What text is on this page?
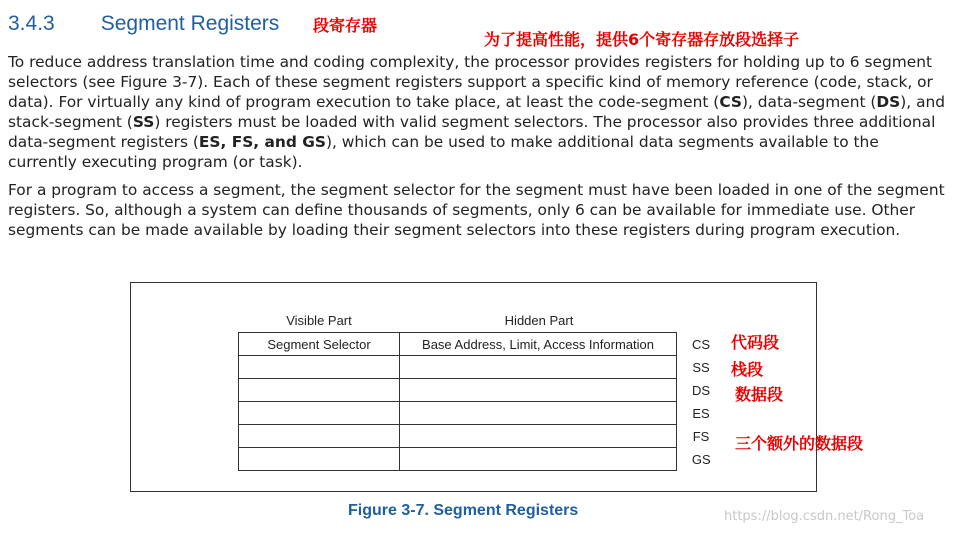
3.4.3 Segment Registers 段寄存器
为了提高性能，提供6个寄存器存放段选择子

To reduce address translation time and coding complexity, the processor provides registers for holding up to 6 segment selectors (see Figure 3-7). Each of these segment registers support a specific kind of memory reference (code, stack, or data). For virtually any kind of program execution to take place, at least the code-segment (CS), data-segment (DS), and stack-segment (SS) registers must be loaded with valid segment selectors. The processor also provides three additional data-segment registers (ES, FS, and GS), which can be used to make additional data segments available to the currently executing program (or task).

For a program to access a segment, the segment selector for the segment must have been loaded in one of the segment registers. So, although a system can define thousands of segments, only 6 can be available for immediate use. Other segments can be made available by loading their segment selectors into these registers during program execution.

Visible Part	Hidden Part
Segment Selector	Base Address, Limit, Access Information	CS
		SS
		DS
		ES
		FS
		GS
代码段
栈段
数据段
三个额外的数据段
Figure 3-7. Segment Registers	https://blog.csdn.net/Rong_Toa
